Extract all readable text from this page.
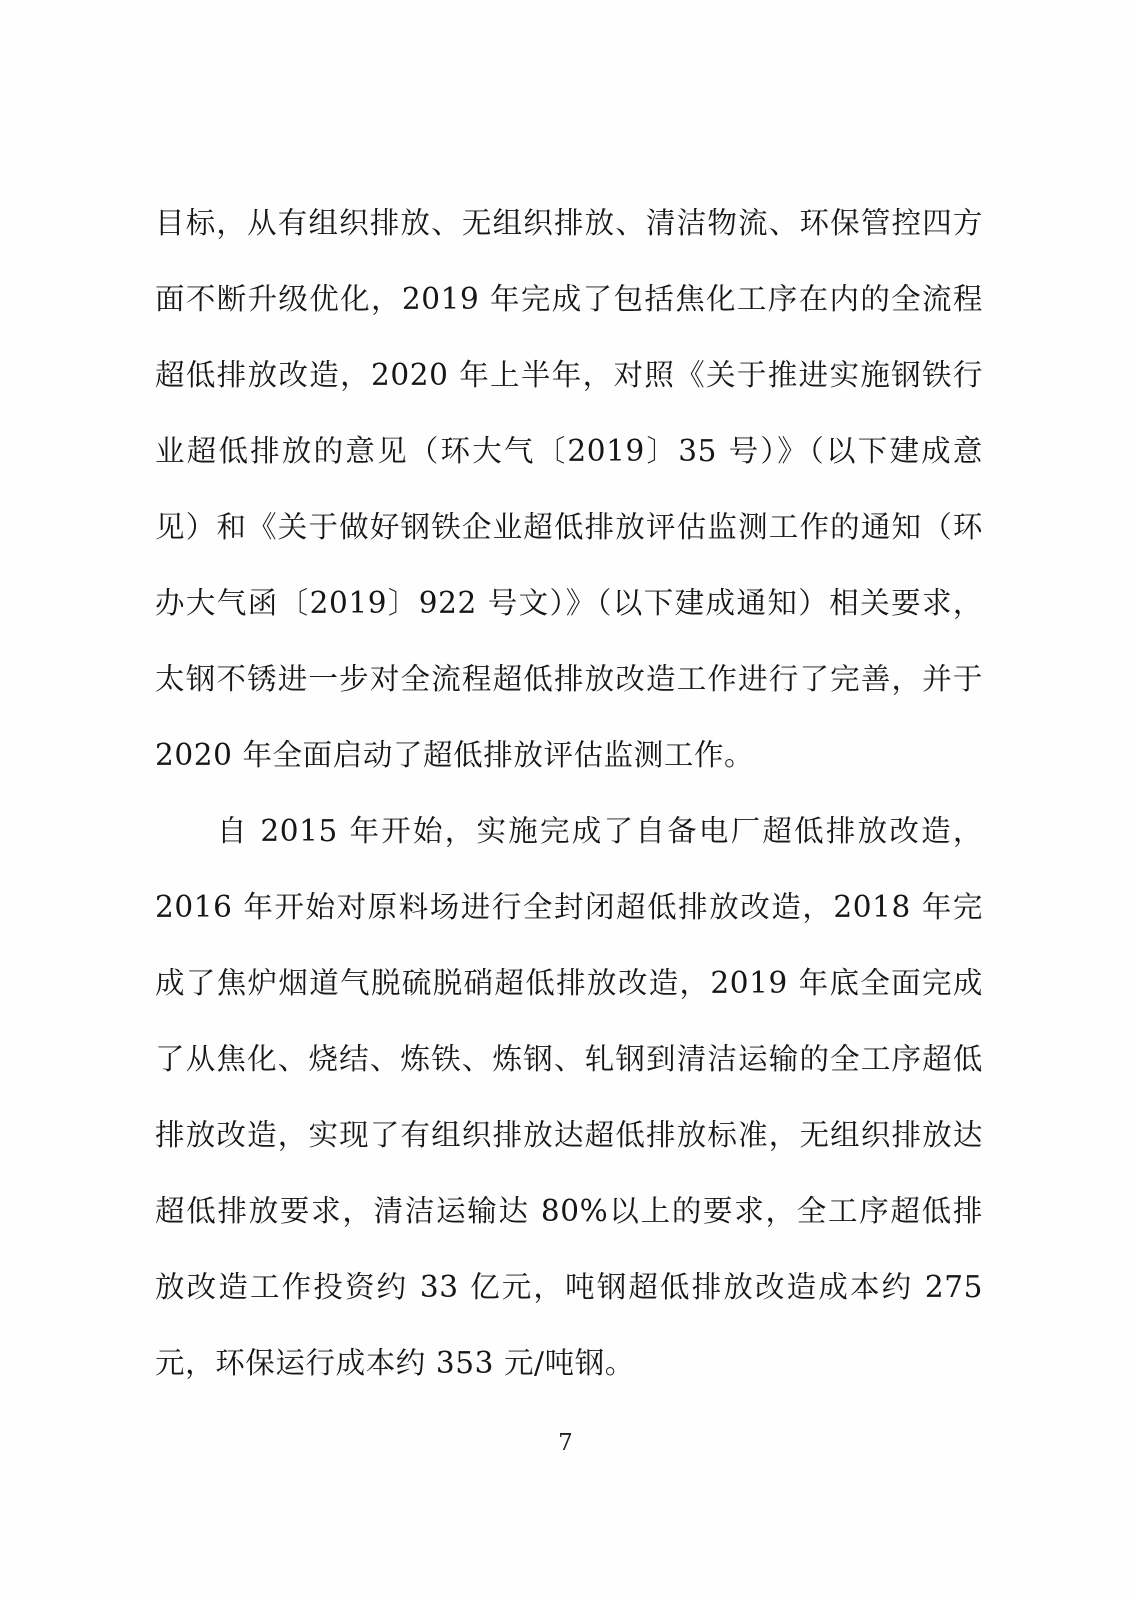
目标，从有组织排放、无组织排放、清洁物流、环保管控四方面不断升级优化，2019 年完成了包括焦化工序在内的全流程超低排放改造，2020 年上半年，对照《关于推进实施钢铁行业超低排放的意见（环大气〔2019〕35 号）》（以下建成意见）和《关于做好钢铁企业超低排放评估监测工作的通知（环办大气函〔2019〕922 号文）》（以下建成通知）相关要求，太钢不锈进一步对全流程超低排放改造工作进行了完善，并于 2020 年全面启动了超低排放评估监测工作。

自 2015 年开始，实施完成了自备电厂超低排放改造，2016 年开始对原料场进行全封闭超低排放改造，2018 年完成了焦炉烟道气脱硫脱硝超低排放改造，2019 年底全面完成了从焦化、烧结、炼铁、炼钢、轧钢到清洁运输的全工序超低排放改造，实现了有组织排放达超低排放标准，无组织排放达超低排放要求，清洁运输达 80%以上的要求，全工序超低排放改造工作投资约 33 亿元，吨钢超低排放改造成本约 275 元，环保运行成本约 353 元/吨钢。

7
